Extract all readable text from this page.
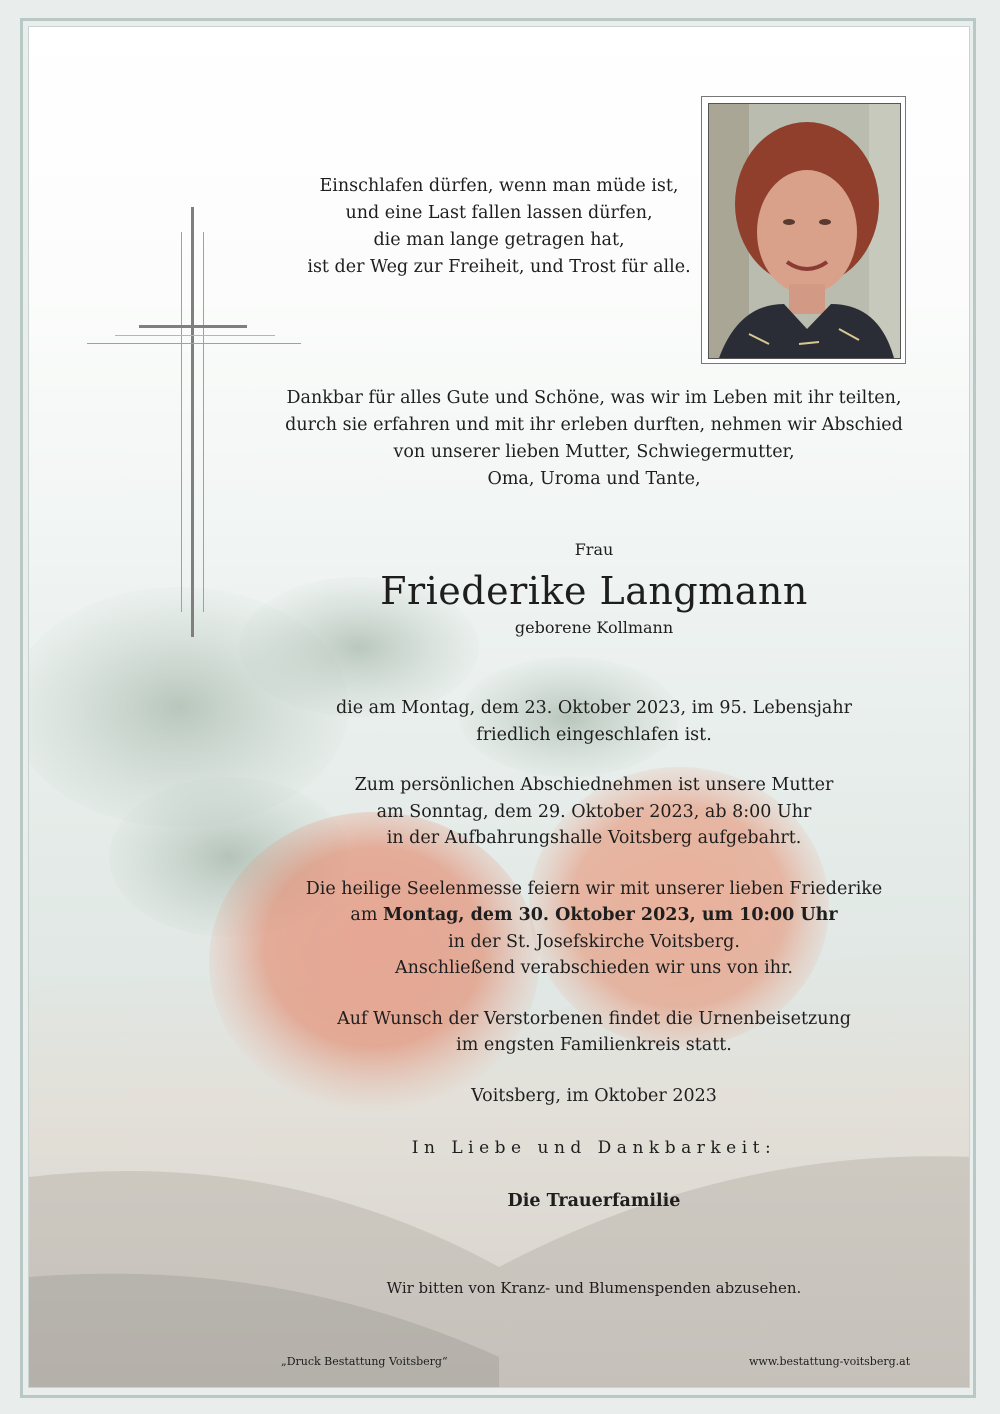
Einschlafen dürfen, wenn man müde ist,
und eine Last fallen lassen dürfen,
die man lange getragen hat,
ist der Weg zur Freiheit, und Trost für alle.
Dankbar für alles Gute und Schöne, was wir im Leben mit ihr teilten,
durch sie erfahren und mit ihr erleben durften, nehmen wir Abschied
von unserer lieben Mutter, Schwiegermutter,
Oma, Uroma und Tante,
Frau
Friederike Langmann
geborene Kollmann

die am Montag, dem 23. Oktober 2023, im 95. Lebensjahr
friedlich eingeschlafen ist.

Zum persönlichen Abschiednehmen ist unsere Mutter
am Sonntag, dem 29. Oktober 2023, ab 8:00 Uhr
in der Aufbahrungshalle Voitsberg aufgebahrt.

Die heilige Seelenmesse feiern wir mit unserer lieben Friederike
am Montag, dem 30. Oktober 2023, um 10:00 Uhr
in der St. Josefskirche Voitsberg.
Anschließend verabschieden wir uns von ihr.

Auf Wunsch der Verstorbenen findet die Urnenbeisetzung
im engsten Familienkreis statt.

Voitsberg, im Oktober 2023

In Liebe und Dankbarkeit:
Die Trauerfamilie
Wir bitten von Kranz- und Blumenspenden abzusehen.
„Druck Bestattung Voitsberg“	www.bestattung-voitsberg.at
